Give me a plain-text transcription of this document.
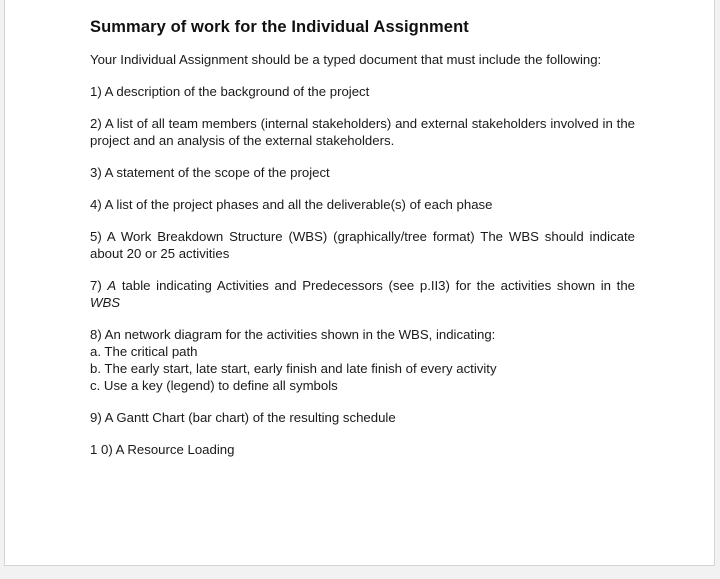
Summary of work for the Individual Assignment

Your Individual Assignment should be a typed document that must include the following:

1) A description of the background of the project

2) A list of all team members (internal stakeholders) and external stakeholders involved in the project and an analysis of the external stakeholders.

3) A statement of the scope of the project

4) A list of the project phases and all the deliverable(s) of each phase

5) A Work Breakdown Structure (WBS) (graphically/tree format) The WBS should indicate about 20 or 25 activities

7) A table indicating Activities and Predecessors (see p.II3) for the activities shown in the WBS

8) An network diagram for the activities shown in the WBS, indicating:
a. The critical path
b. The early start, late start, early finish and late finish of every activity
c. Use a key (legend) to define all symbols

9) A Gantt Chart (bar chart) of the resulting schedule

1 0) A Resource Loading
